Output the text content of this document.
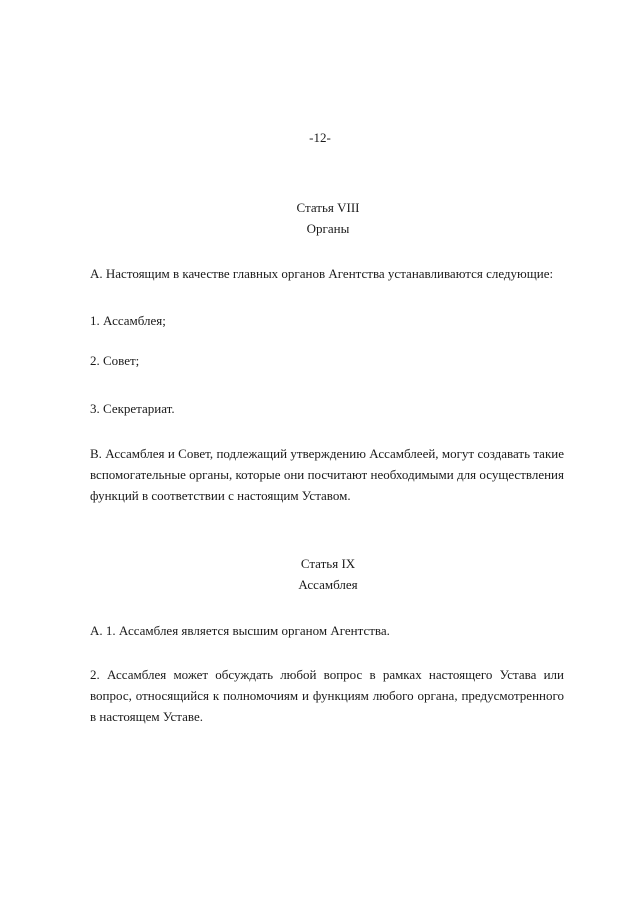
-12-
Статья VIII
Органы
А. Настоящим в качестве главных органов Агентства устанавливаются следующие:
1. Ассамблея;
2. Совет;
3. Секретариат.
В. Ассамблея и Совет, подлежащий утверждению Ассамблеей, могут создавать такие вспомогательные органы, которые они посчитают необходимыми для осуществления функций в соответствии с настоящим Уставом.
Статья IX
Ассамблея
А. 1. Ассамблея является высшим органом Агентства.
2. Ассамблея может обсуждать любой вопрос в рамках настоящего Устава или вопрос, относящийся к полномочиям и функциям любого органа, предусмотренного в настоящем Уставе.
